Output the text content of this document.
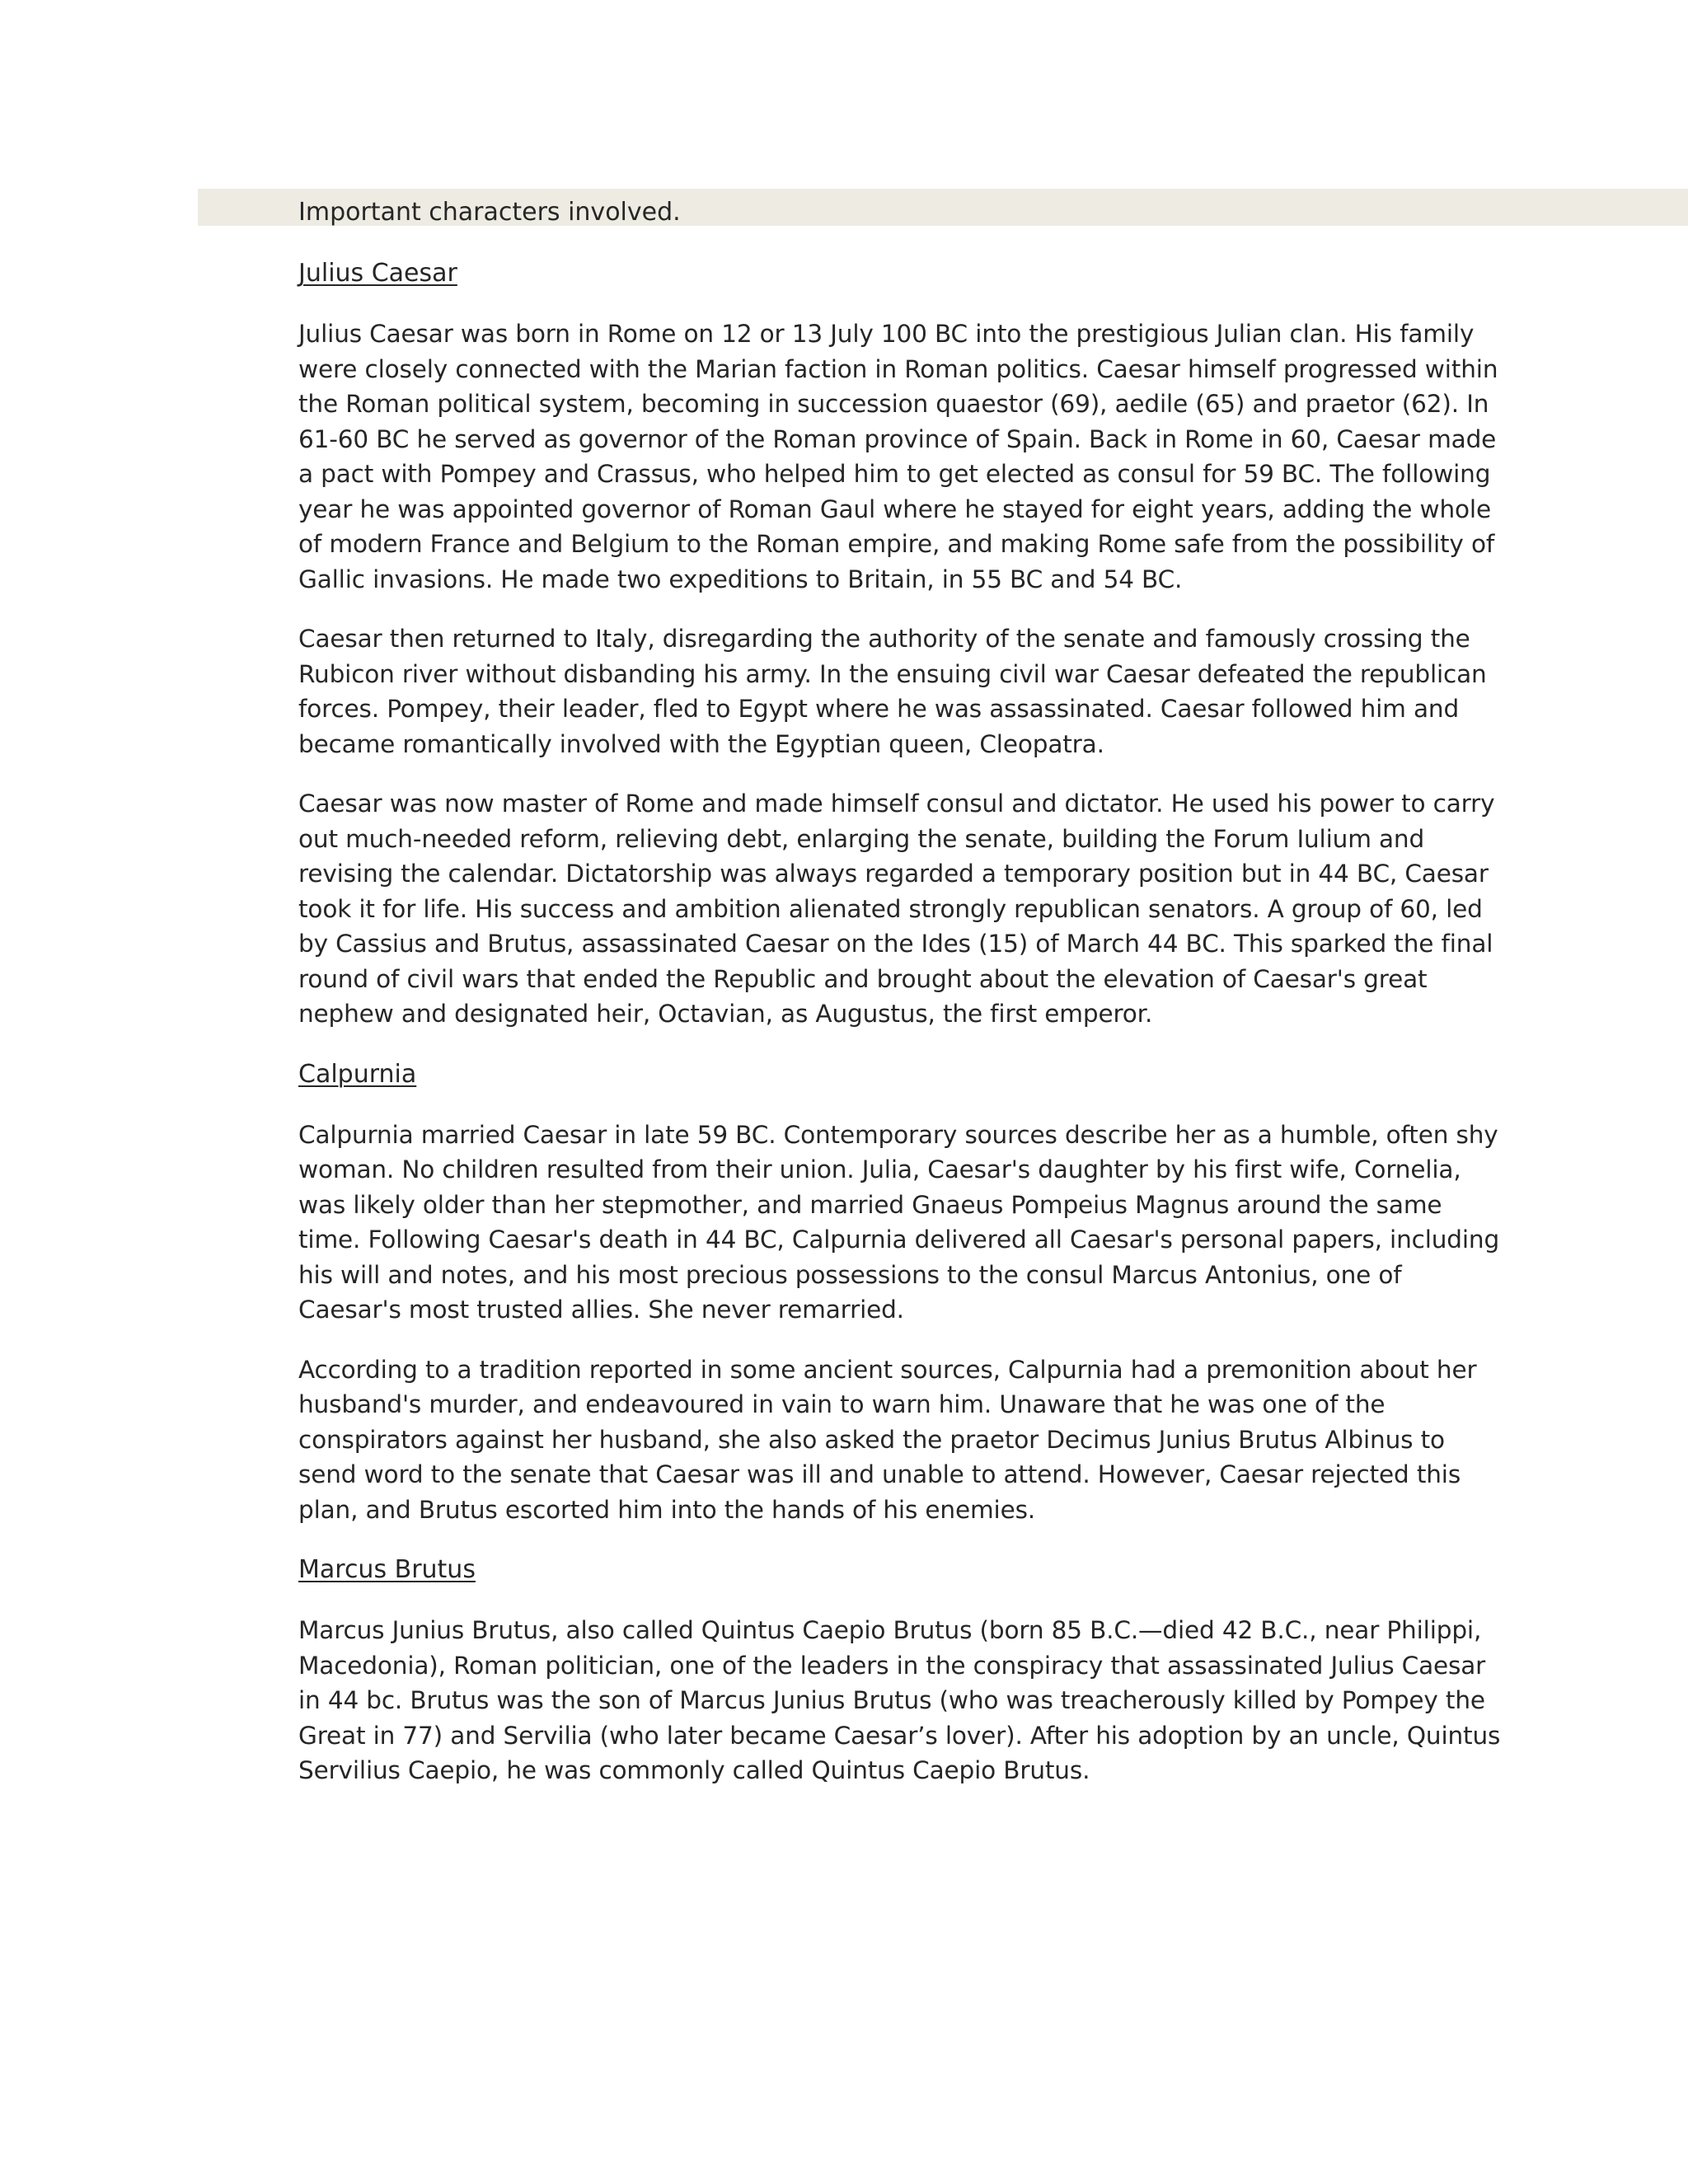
Important characters involved.
Julius Caesar

Julius Caesar was born in Rome on 12 or 13 July 100 BC into the prestigious Julian clan. His family were closely connected with the Marian faction in Roman politics. Caesar himself progressed within the Roman political system, becoming in succession quaestor (69), aedile (65) and praetor (62). In 61-60 BC he served as governor of the Roman province of Spain. Back in Rome in 60, Caesar made a pact with Pompey and Crassus, who helped him to get elected as consul for 59 BC. The following year he was appointed governor of Roman Gaul where he stayed for eight years, adding the whole of modern France and Belgium to the Roman empire, and making Rome safe from the possibility of Gallic invasions. He made two expeditions to Britain, in 55 BC and 54 BC.

Caesar then returned to Italy, disregarding the authority of the senate and famously crossing the Rubicon river without disbanding his army. In the ensuing civil war Caesar defeated the republican forces. Pompey, their leader, fled to Egypt where he was assassinated. Caesar followed him and became romantically involved with the Egyptian queen, Cleopatra.

Caesar was now master of Rome and made himself consul and dictator. He used his power to carry out much-needed reform, relieving debt, enlarging the senate, building the Forum Iulium and revising the calendar. Dictatorship was always regarded a temporary position but in 44 BC, Caesar took it for life. His success and ambition alienated strongly republican senators. A group of 60, led by Cassius and Brutus, assassinated Caesar on the Ides (15) of March 44 BC. This sparked the final round of civil wars that ended the Republic and brought about the elevation of Caesar's great nephew and designated heir, Octavian, as Augustus, the first emperor.

Calpurnia

Calpurnia married Caesar in late 59 BC. Contemporary sources describe her as a humble, often shy woman. No children resulted from their union. Julia, Caesar's daughter by his first wife, Cornelia, was likely older than her stepmother, and married Gnaeus Pompeius Magnus around the same time. Following Caesar's death in 44 BC, Calpurnia delivered all Caesar's personal papers, including his will and notes, and his most precious possessions to the consul Marcus Antonius, one of Caesar's most trusted allies. She never remarried.

According to a tradition reported in some ancient sources, Calpurnia had a premonition about her husband's murder, and endeavoured in vain to warn him. Unaware that he was one of the conspirators against her husband, she also asked the praetor Decimus Junius Brutus Albinus to send word to the senate that Caesar was ill and unable to attend. However, Caesar rejected this plan, and Brutus escorted him into the hands of his enemies.

Marcus Brutus

Marcus Junius Brutus, also called Quintus Caepio Brutus (born 85 B.C.—died 42 B.C., near Philippi, Macedonia), Roman politician, one of the leaders in the conspiracy that assassinated Julius Caesar in 44 bc. Brutus was the son of Marcus Junius Brutus (who was treacherously killed by Pompey the Great in 77) and Servilia (who later became Caesar’s lover). After his adoption by an uncle, Quintus Servilius Caepio, he was commonly called Quintus Caepio Brutus.
